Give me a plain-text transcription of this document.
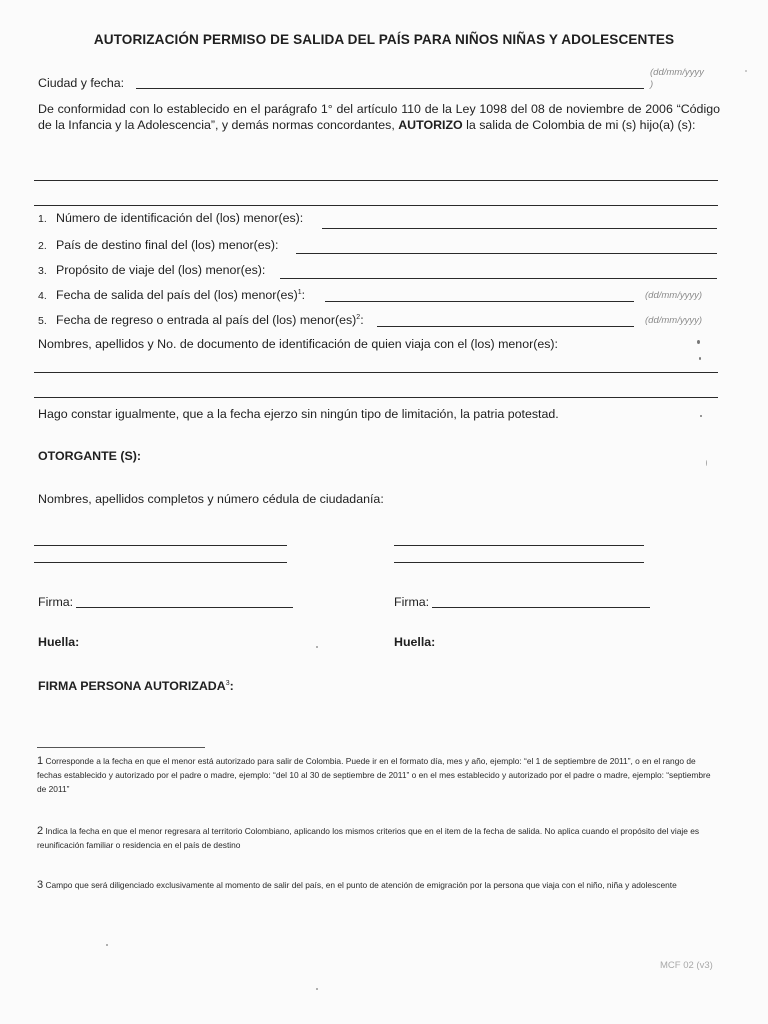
AUTORIZACIÓN PERMISO DE SALIDA DEL PAÍS PARA NIÑOS NIÑAS Y ADOLESCENTES
Ciudad y fecha:
(dd/mm/yyyy
)
De conformidad con lo establecido en el parágrafo 1° del artículo 110 de la Ley 1098 del 08 de noviembre de 2006 “Código de la Infancia y la Adolescencia”, y demás normas concordantes, AUTORIZO la salida de Colombia de mi (s) hijo(a) (s):
1. Número de identificación del (los) menor(es):
2. País de destino final del (los) menor(es):
3. Propósito de viaje del (los) menor(es):
4. Fecha de salida del país del (los) menor(es)$^1$:	(dd/mm/yyyy)
5. Fecha de regreso o entrada al país del (los) menor(es)$^2$:	(dd/mm/yyyy)
Nombres, apellidos y No. de documento de identificación de quien viaja con el (los) menor(es):
Hago constar igualmente, que a la fecha ejerzo sin ningún tipo de limitación, la patria potestad.
OTORGANTE (S):
Nombres, apellidos completos y número cédula de ciudadanía:
Firma:	Firma:
Huella:	Huella:
FIRMA PERSONA AUTORIZADA$^3$:
1 Corresponde a la fecha en que el menor está autorizado para salir de Colombia. Puede ir en el formato día, mes y año, ejemplo: “el 1 de septiembre de 2011”, o en el rango de fechas establecido y autorizado por el padre o madre, ejemplo: “del 10 al 30 de septiembre de 2011” o en el mes establecido y autorizado por el padre o madre, ejemplo: “septiembre de 2011”
2 Indica la fecha en que el menor regresara al territorio Colombiano, aplicando los mismos criterios que en el item de la fecha de salida. No aplica cuando el propósito del viaje es reunificación familiar o residencia en el país de destino
3 Campo que será diligenciado exclusivamente al momento de salir del país, en el punto de atención de emigración por la persona que viaja con el niño, niña y adolescente
MCF 02 (v3)
